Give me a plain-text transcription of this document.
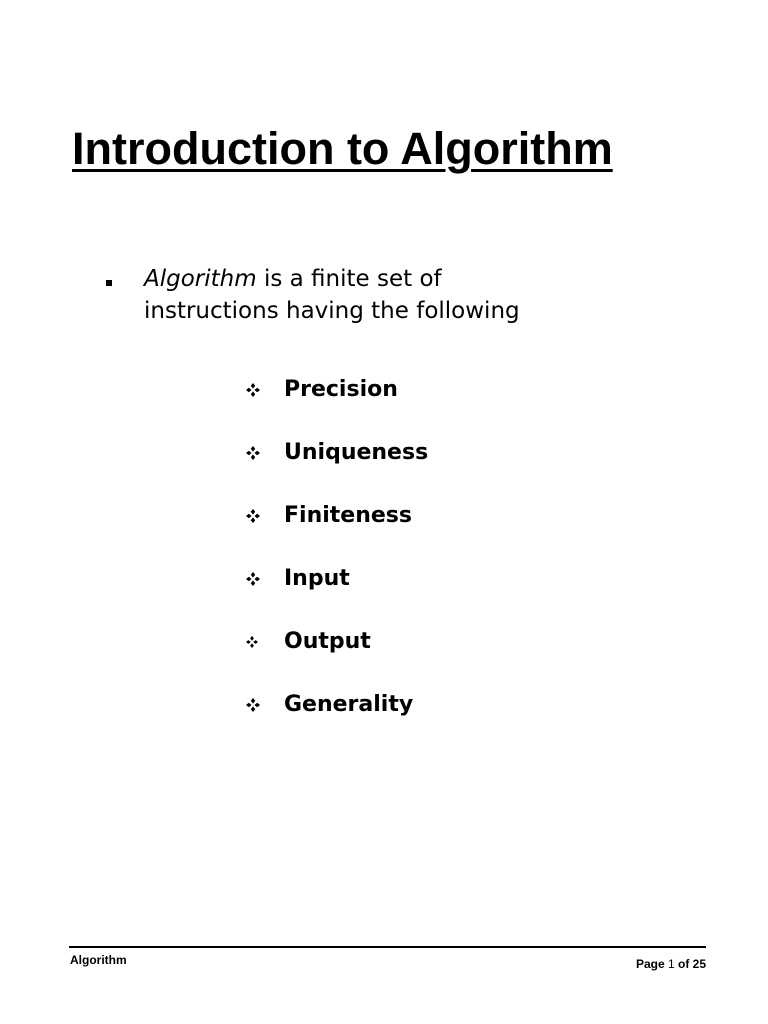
Introduction to Algorithm

Algorithm is a finite set of
instructions having the following

Precision
Uniqueness
Finiteness
Input
Output
Generality
Algorithm	Page 1 of 25
